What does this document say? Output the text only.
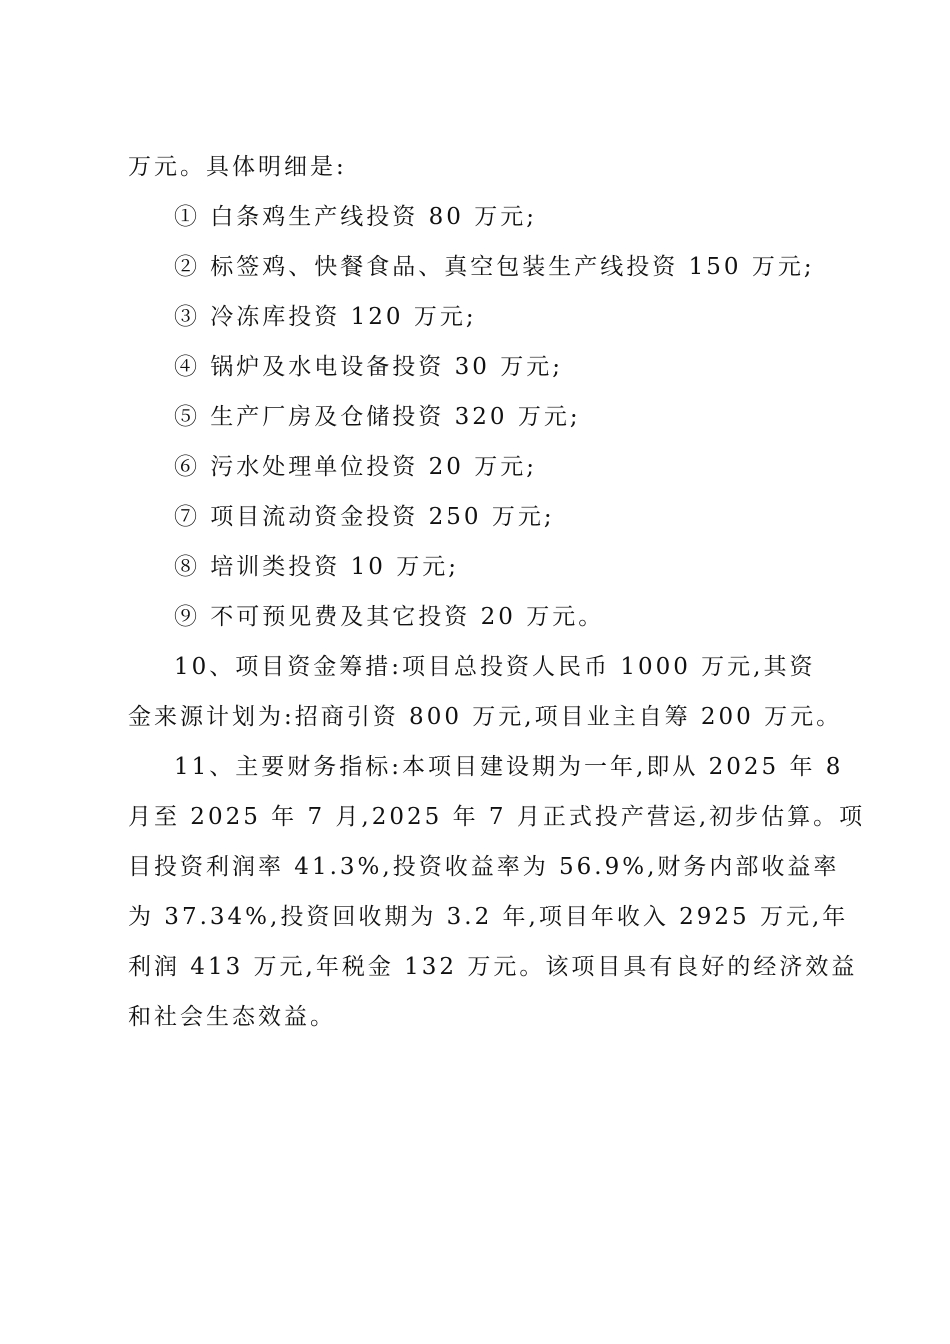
万元。具体明细是:
① 白条鸡生产线投资 80 万元;
② 标签鸡、快餐食品、真空包装生产线投资 150 万元;
③ 冷冻库投资 120 万元;
④ 锅炉及水电设备投资 30 万元;
⑤ 生产厂房及仓储投资 320 万元;
⑥ 污水处理单位投资 20 万元;
⑦ 项目流动资金投资 250 万元;
⑧ 培训类投资 10 万元;
⑨ 不可预见费及其它投资 20 万元。
10、项目资金筹措:项目总投资人民币 1000 万元,其资
金来源计划为:招商引资 800 万元,项目业主自筹 200 万元。
11、主要财务指标:本项目建设期为一年,即从 2025 年 8
月至 2025 年 7 月,2025 年 7 月正式投产营运,初步估算。项
目投资利润率 41.3%,投资收益率为 56.9%,财务内部收益率
为 37.34%,投资回收期为 3.2 年,项目年收入 2925 万元,年
利润 413 万元,年税金 132 万元。该项目具有良好的经济效益
和社会生态效益。
